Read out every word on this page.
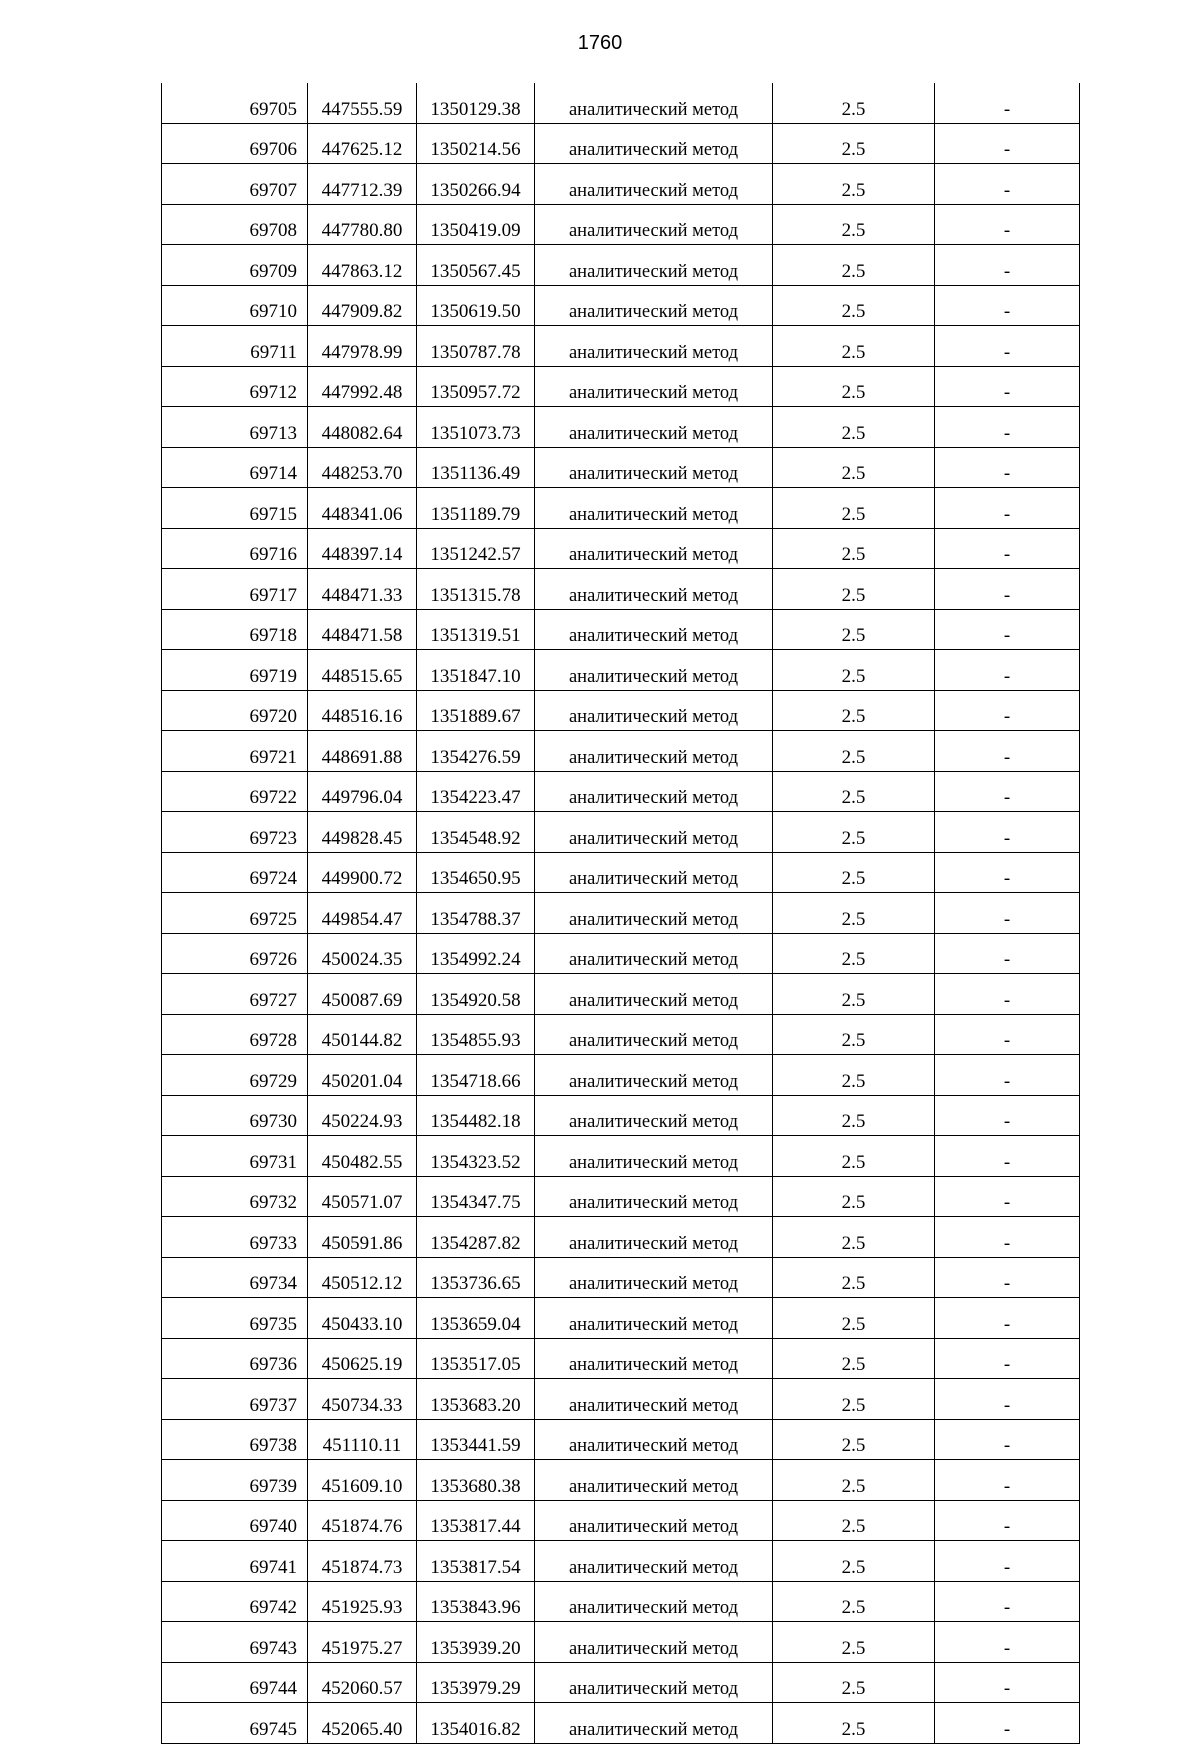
1760
69705	447555.59	1350129.38	аналитический метод	2.5	-
69706	447625.12	1350214.56	аналитический метод	2.5	-
69707	447712.39	1350266.94	аналитический метод	2.5	-
69708	447780.80	1350419.09	аналитический метод	2.5	-
69709	447863.12	1350567.45	аналитический метод	2.5	-
69710	447909.82	1350619.50	аналитический метод	2.5	-
69711	447978.99	1350787.78	аналитический метод	2.5	-
69712	447992.48	1350957.72	аналитический метод	2.5	-
69713	448082.64	1351073.73	аналитический метод	2.5	-
69714	448253.70	1351136.49	аналитический метод	2.5	-
69715	448341.06	1351189.79	аналитический метод	2.5	-
69716	448397.14	1351242.57	аналитический метод	2.5	-
69717	448471.33	1351315.78	аналитический метод	2.5	-
69718	448471.58	1351319.51	аналитический метод	2.5	-
69719	448515.65	1351847.10	аналитический метод	2.5	-
69720	448516.16	1351889.67	аналитический метод	2.5	-
69721	448691.88	1354276.59	аналитический метод	2.5	-
69722	449796.04	1354223.47	аналитический метод	2.5	-
69723	449828.45	1354548.92	аналитический метод	2.5	-
69724	449900.72	1354650.95	аналитический метод	2.5	-
69725	449854.47	1354788.37	аналитический метод	2.5	-
69726	450024.35	1354992.24	аналитический метод	2.5	-
69727	450087.69	1354920.58	аналитический метод	2.5	-
69728	450144.82	1354855.93	аналитический метод	2.5	-
69729	450201.04	1354718.66	аналитический метод	2.5	-
69730	450224.93	1354482.18	аналитический метод	2.5	-
69731	450482.55	1354323.52	аналитический метод	2.5	-
69732	450571.07	1354347.75	аналитический метод	2.5	-
69733	450591.86	1354287.82	аналитический метод	2.5	-
69734	450512.12	1353736.65	аналитический метод	2.5	-
69735	450433.10	1353659.04	аналитический метод	2.5	-
69736	450625.19	1353517.05	аналитический метод	2.5	-
69737	450734.33	1353683.20	аналитический метод	2.5	-
69738	451110.11	1353441.59	аналитический метод	2.5	-
69739	451609.10	1353680.38	аналитический метод	2.5	-
69740	451874.76	1353817.44	аналитический метод	2.5	-
69741	451874.73	1353817.54	аналитический метод	2.5	-
69742	451925.93	1353843.96	аналитический метод	2.5	-
69743	451975.27	1353939.20	аналитический метод	2.5	-
69744	452060.57	1353979.29	аналитический метод	2.5	-
69745	452065.40	1354016.82	аналитический метод	2.5	-
